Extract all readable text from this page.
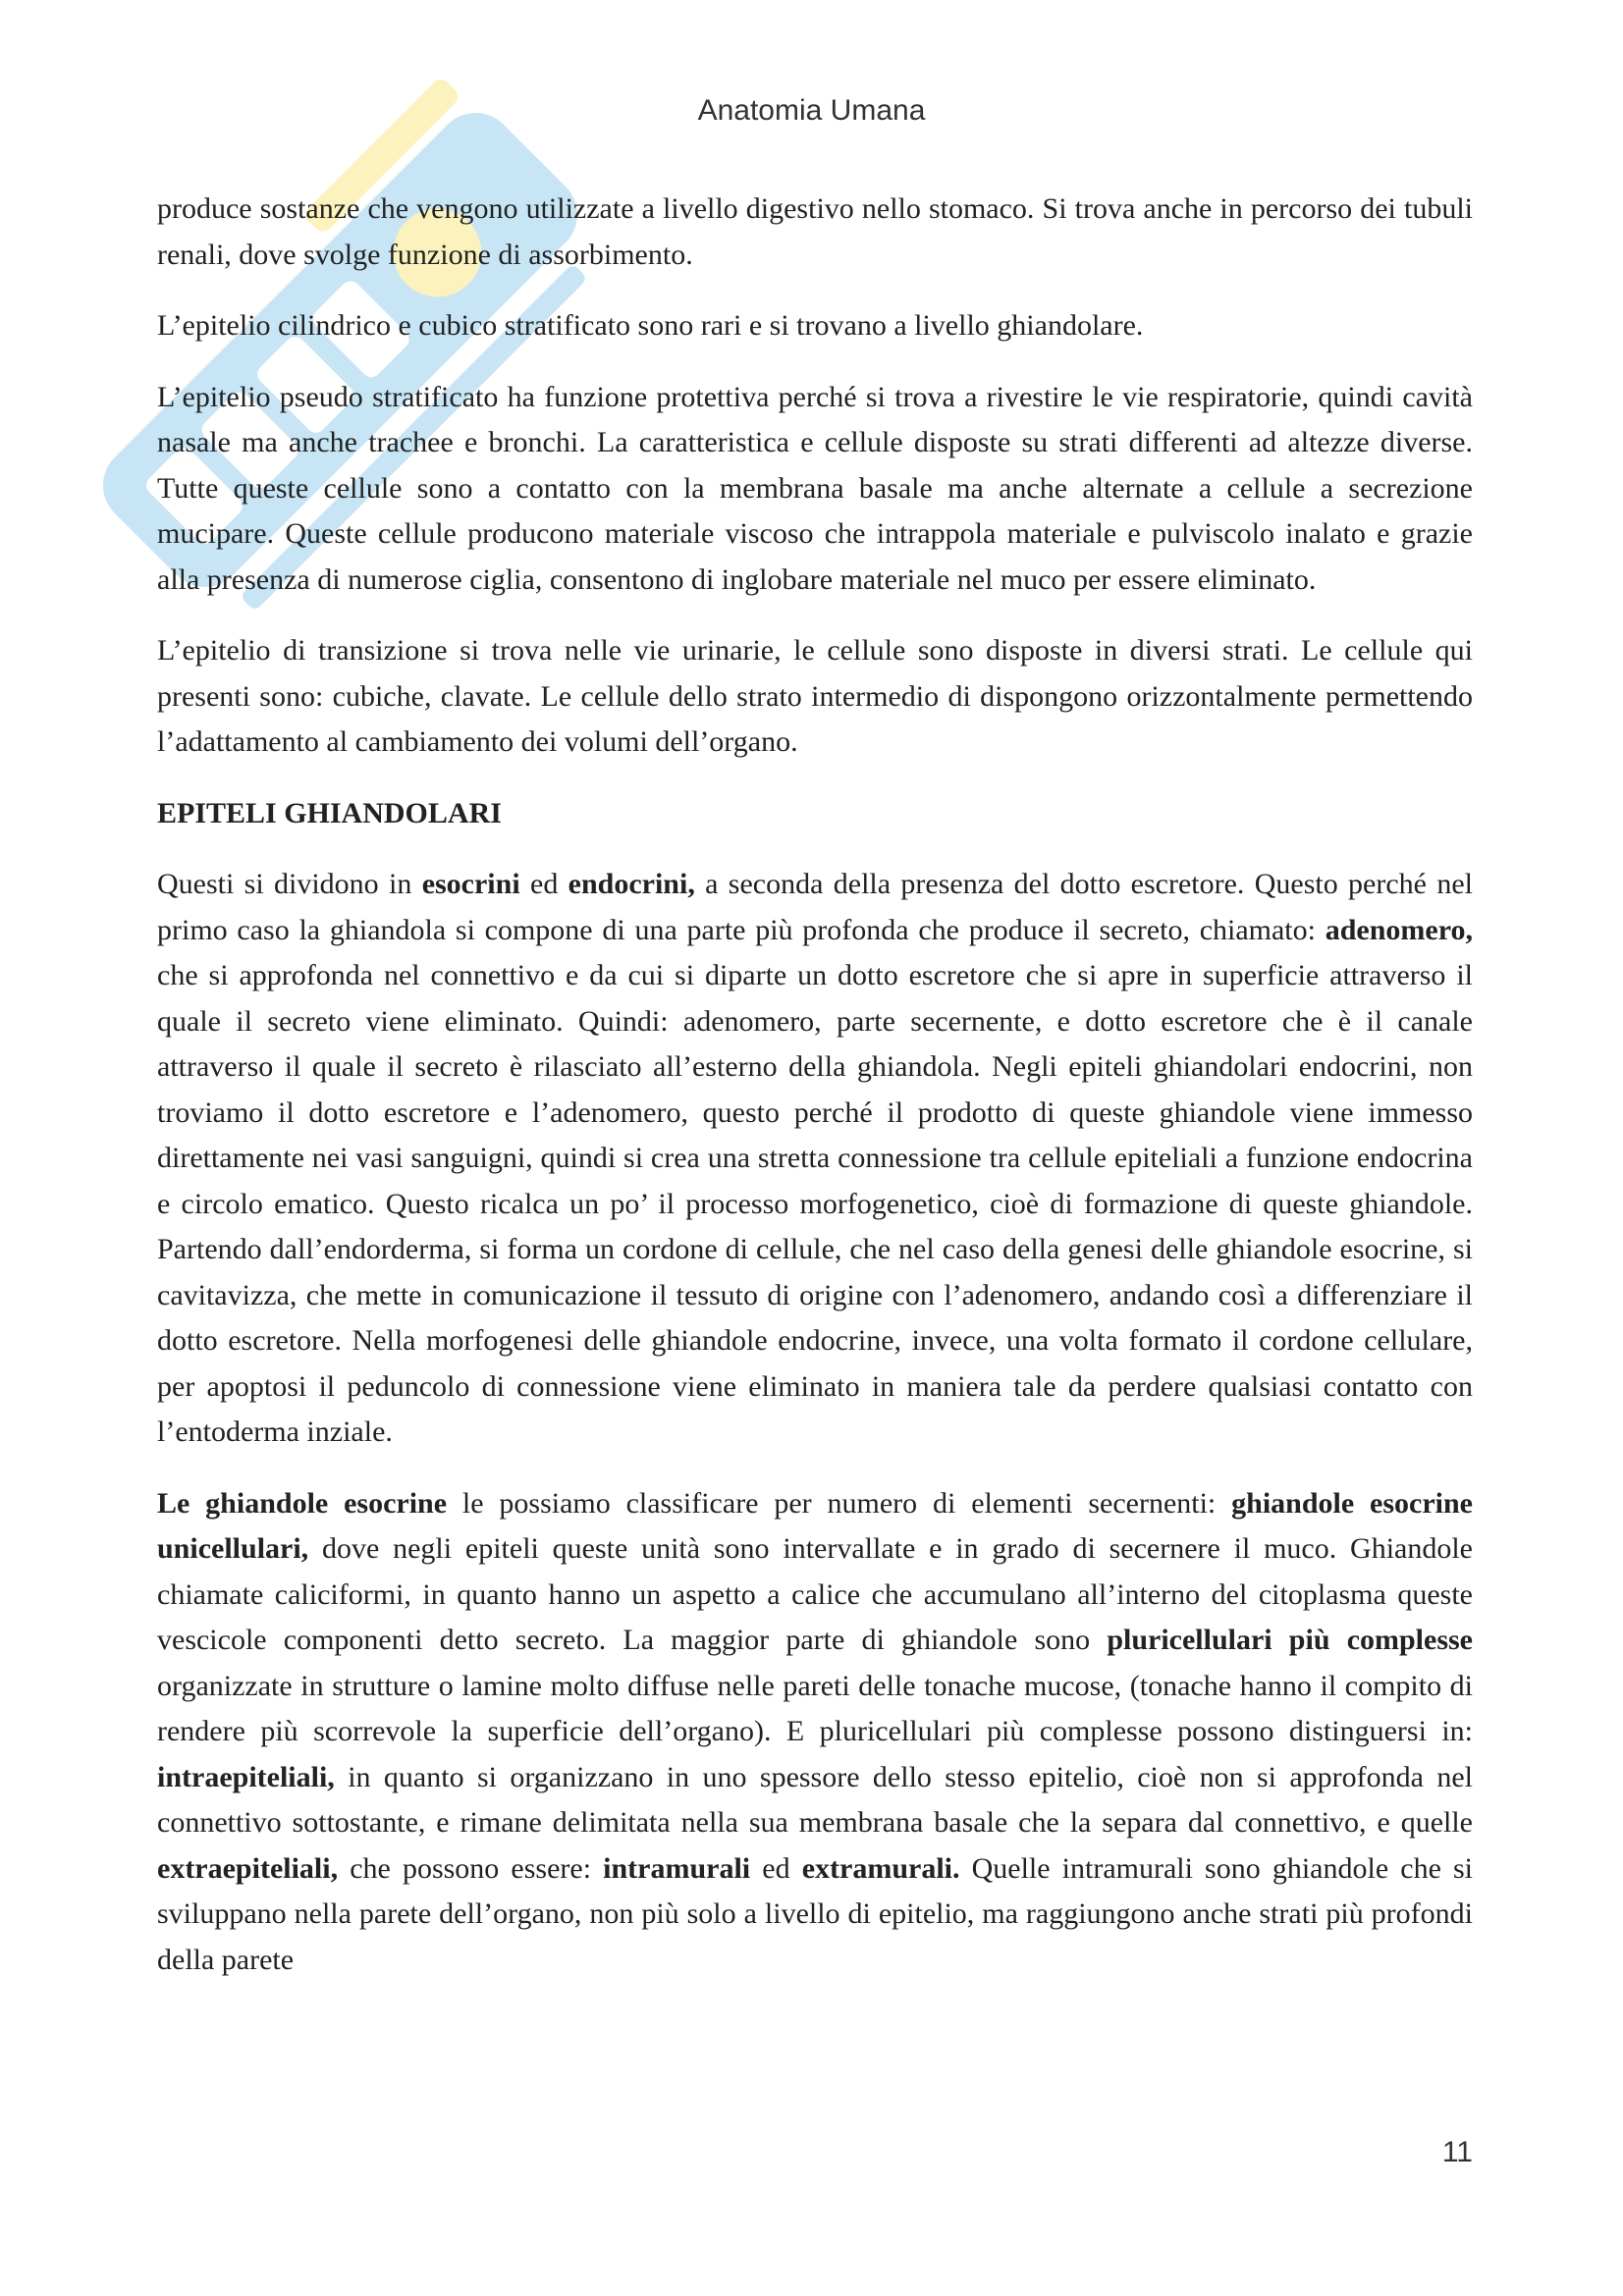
Anatomia Umana

produce sostanze che vengono utilizzate a livello digestivo nello stomaco. Si trova anche in percorso dei tubuli renali, dove svolge funzione di assorbimento.

L’epitelio cilindrico e cubico stratificato sono rari e si trovano a livello ghiandolare.

L’epitelio pseudo stratificato ha funzione protettiva perché si trova a rivestire le vie respiratorie, quindi cavità nasale ma anche trachee e bronchi. La caratteristica e cellule disposte su strati differenti ad altezze diverse. Tutte queste cellule sono a contatto con la membrana basale ma anche alternate a cellule a secrezione mucipare. Queste cellule producono materiale viscoso che intrappola materiale e pulviscolo inalato e grazie alla presenza di numerose ciglia, consentono di inglobare materiale nel muco per essere eliminato.

L’epitelio di transizione si trova nelle vie urinarie, le cellule sono disposte in diversi strati. Le cellule qui presenti sono: cubiche, clavate. Le cellule dello strato intermedio di dispongono orizzontalmente permettendo l’adattamento al cambiamento dei volumi dell’organo.

EPITELI GHIANDOLARI

Questi si dividono in esocrini ed endocrini, a seconda della presenza del dotto escretore. Questo perché nel primo caso la ghiandola si compone di una parte più profonda che produce il secreto, chiamato: adenomero, che si approfonda nel connettivo e da cui si diparte un dotto escretore che si apre in superficie attraverso il quale il secreto viene eliminato. Quindi: adenomero, parte secernente, e dotto escretore che è il canale attraverso il quale il secreto è rilasciato all’esterno della ghiandola. Negli epiteli ghiandolari endocrini, non troviamo il dotto escretore e l’adenomero, questo perché il prodotto di queste ghiandole viene immesso direttamente nei vasi sanguigni, quindi si crea una stretta connessione tra cellule epiteliali a funzione endocrina e circolo ematico. Questo ricalca un po’ il processo morfogenetico, cioè di formazione di queste ghiandole. Partendo dall’endorderma, si forma un cordone di cellule, che nel caso della genesi delle ghiandole esocrine, si cavitavizza, che mette in comunicazione il tessuto di origine con l’adenomero, andando così a differenziare il dotto escretore. Nella morfogenesi delle ghiandole endocrine, invece, una volta formato il cordone cellulare, per apoptosi il peduncolo di connessione viene eliminato in maniera tale da perdere qualsiasi contatto con l’entoderma inziale.

Le ghiandole esocrine le possiamo classificare per numero di elementi secernenti: ghiandole esocrine unicellulari, dove negli epiteli queste unità sono intervallate e in grado di secernere il muco. Ghiandole chiamate caliciformi, in quanto hanno un aspetto a calice che accumulano all’interno del citoplasma queste vescicole componenti detto secreto. La maggior parte di ghiandole sono pluricellulari più complesse organizzate in strutture o lamine molto diffuse nelle pareti delle tonache mucose, (tonache hanno il compito di rendere più scorrevole la superficie dell’organo). E pluricellulari più complesse possono distinguersi in: intraepiteliali, in quanto si organizzano in uno spessore dello stesso epitelio, cioè non si approfonda nel connettivo sottostante, e rimane delimitata nella sua membrana basale che la separa dal connettivo, e quelle extraepiteliali, che possono essere: intramurali ed extramurali. Quelle intramurali sono ghiandole che si sviluppano nella parete dell’organo, non più solo a livello di epitelio, ma raggiungono anche strati più profondi della parete

11
